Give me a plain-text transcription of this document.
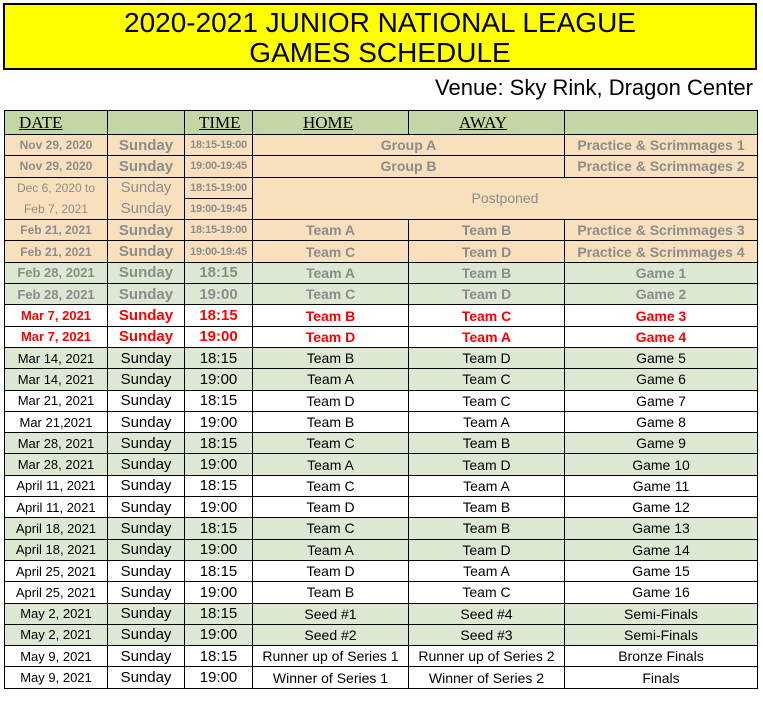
2020-2021 JUNIOR NATIONAL LEAGUE
GAMES SCHEDULE
Venue: Sky Rink, Dragon Center
DATE		TIME	HOME	AWAY	
Nov 29, 2020	Sunday	18:15-19:00	Group A		Practice & Scrimmages 1
Nov 29, 2020	Sunday	19:00-19:45	Group B		Practice & Scrimmages 2
Dec 6, 2020 to	Sunday	18:15-19:00	Postponed		
Feb 7, 2021	Sunday	19:00-19:45			
Feb 21, 2021	Sunday	18:15-19:00	Team A	Team B	Practice & Scrimmages 3
Feb 21, 2021	Sunday	19:00-19:45	Team C	Team D	Practice & Scrimmages 4
Feb 28, 2021	Sunday	18:15	Team A	Team B	Game 1
Feb 28, 2021	Sunday	19:00	Team C	Team D	Game 2
Mar 7, 2021	Sunday	18:15	Team B	Team C	Game 3
Mar 7, 2021	Sunday	19:00	Team D	Team A	Game 4
Mar 14, 2021	Sunday	18:15	Team B	Team D	Game 5
Mar 14, 2021	Sunday	19:00	Team A	Team C	Game 6
Mar 21, 2021	Sunday	18:15	Team D	Team C	Game 7
Mar 21,2021	Sunday	19:00	Team B	Team A	Game 8
Mar 28, 2021	Sunday	18:15	Team C	Team B	Game 9
Mar 28, 2021	Sunday	19:00	Team A	Team D	Game 10
April 11, 2021	Sunday	18:15	Team C	Team A	Game 11
April 11, 2021	Sunday	19:00	Team D	Team B	Game 12
April 18, 2021	Sunday	18:15	Team C	Team B	Game 13
April 18, 2021	Sunday	19:00	Team A	Team D	Game 14
April 25, 2021	Sunday	18:15	Team D	Team A	Game 15
April 25, 2021	Sunday	19:00	Team B	Team C	Game 16
May 2, 2021	Sunday	18:15	Seed #1	Seed #4	Semi-Finals
May 2, 2021	Sunday	19:00	Seed #2	Seed #3	Semi-Finals
May 9, 2021	Sunday	18:15	Runner up of Series 1	Runner up of Series 2	Bronze Finals
May 9, 2021	Sunday	19:00	Winner of Series 1	Winner of Series 2	Finals
